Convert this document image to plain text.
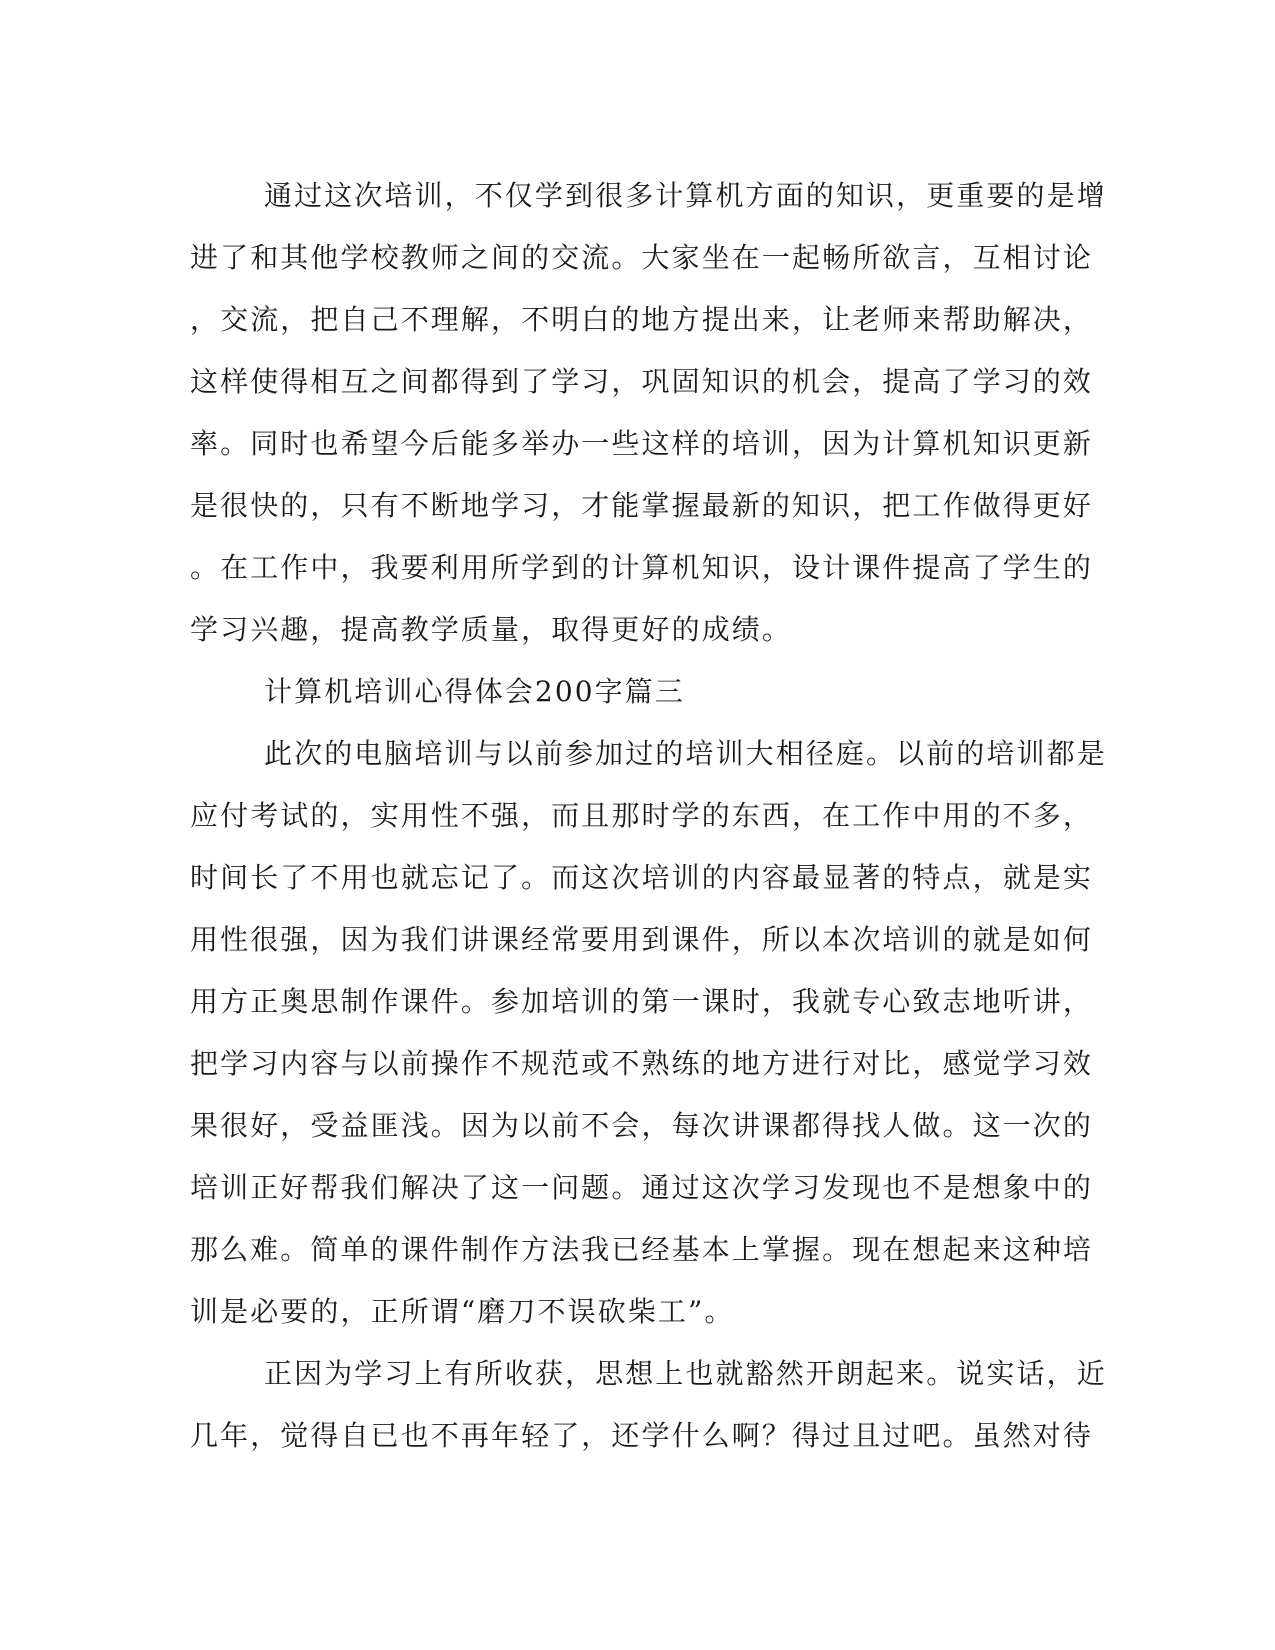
通过这次培训，不仅学到很多计算机方面的知识，更重要的是增
进了和其他学校教师之间的交流。大家坐在一起畅所欲言，互相讨论
，交流，把自己不理解，不明白的地方提出来，让老师来帮助解决，
这样使得相互之间都得到了学习，巩固知识的机会，提高了学习的效
率。同时也希望今后能多举办一些这样的培训，因为计算机知识更新
是很快的，只有不断地学习，才能掌握最新的知识，把工作做得更好
。在工作中，我要利用所学到的计算机知识，设计课件提高了学生的
学习兴趣，提高教学质量，取得更好的成绩。
计算机培训心得体会200字篇三
此次的电脑培训与以前参加过的培训大相径庭。以前的培训都是
应付考试的，实用性不强，而且那时学的东西，在工作中用的不多，
时间长了不用也就忘记了。而这次培训的内容最显著的特点，就是实
用性很强，因为我们讲课经常要用到课件，所以本次培训的就是如何
用方正奥思制作课件。参加培训的第一课时，我就专心致志地听讲，
把学习内容与以前操作不规范或不熟练的地方进行对比，感觉学习效
果很好，受益匪浅。因为以前不会，每次讲课都得找人做。这一次的
培训正好帮我们解决了这一问题。通过这次学习发现也不是想象中的
那么难。简单的课件制作方法我已经基本上掌握。现在想起来这种培
训是必要的，正所谓“磨刀不误砍柴工”。
正因为学习上有所收获，思想上也就豁然开朗起来。说实话，近
几年，觉得自已也不再年轻了，还学什么啊？得过且过吧。虽然对待
